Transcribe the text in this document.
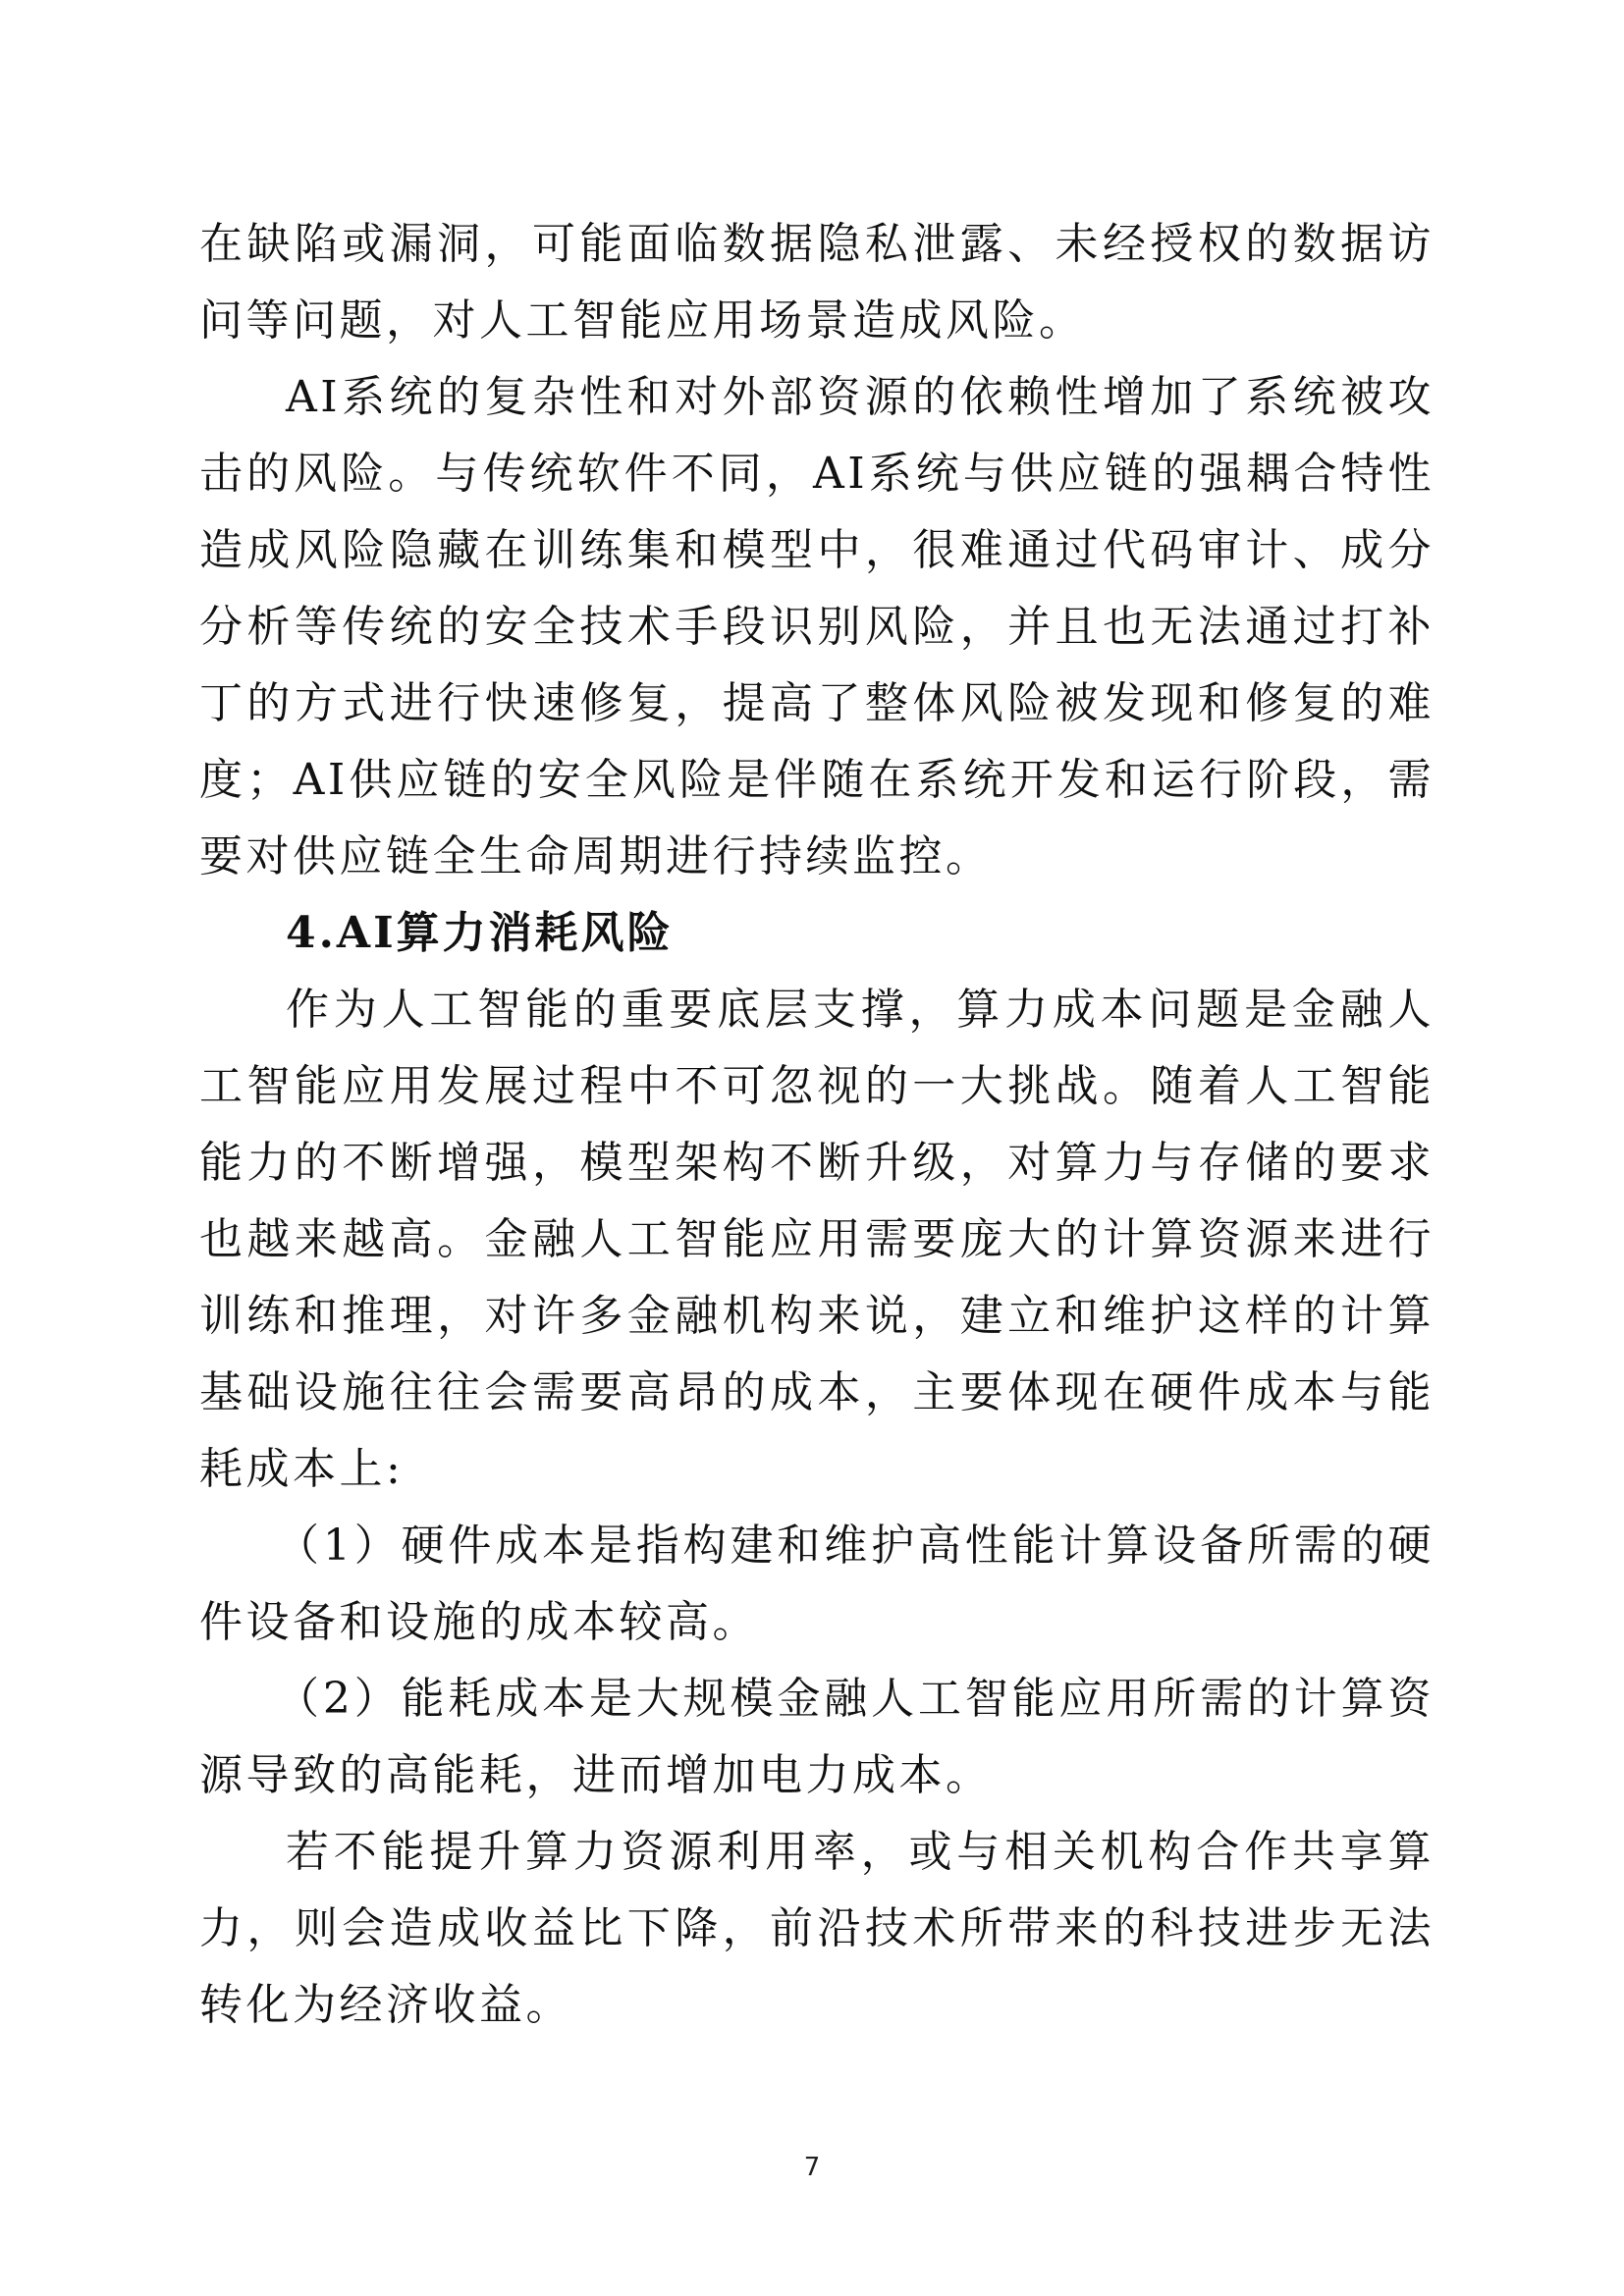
在缺陷或漏洞，可能面临数据隐私泄露、未经授权的数据访问等问题，对人工智能应用场景造成风险。

AI系统的复杂性和对外部资源的依赖性增加了系统被攻击的风险。与传统软件不同，AI系统与供应链的强耦合特性造成风险隐藏在训练集和模型中，很难通过代码审计、成分分析等传统的安全技术手段识别风险，并且也无法通过打补丁的方式进行快速修复，提高了整体风险被发现和修复的难度；AI供应链的安全风险是伴随在系统开发和运行阶段，需要对供应链全生命周期进行持续监控。

4.AI算力消耗风险

作为人工智能的重要底层支撑，算力成本问题是金融人工智能应用发展过程中不可忽视的一大挑战。随着人工智能能力的不断增强，模型架构不断升级，对算力与存储的要求也越来越高。金融人工智能应用需要庞大的计算资源来进行训练和推理，对许多金融机构来说，建立和维护这样的计算基础设施往往会需要高昂的成本，主要体现在硬件成本与能耗成本上:

（1）硬件成本是指构建和维护高性能计算设备所需的硬件设备和设施的成本较高。

（2）能耗成本是大规模金融人工智能应用所需的计算资源导致的高能耗，进而增加电力成本。

若不能提升算力资源利用率，或与相关机构合作共享算力，则会造成收益比下降，前沿技术所带来的科技进步无法转化为经济收益。

7
